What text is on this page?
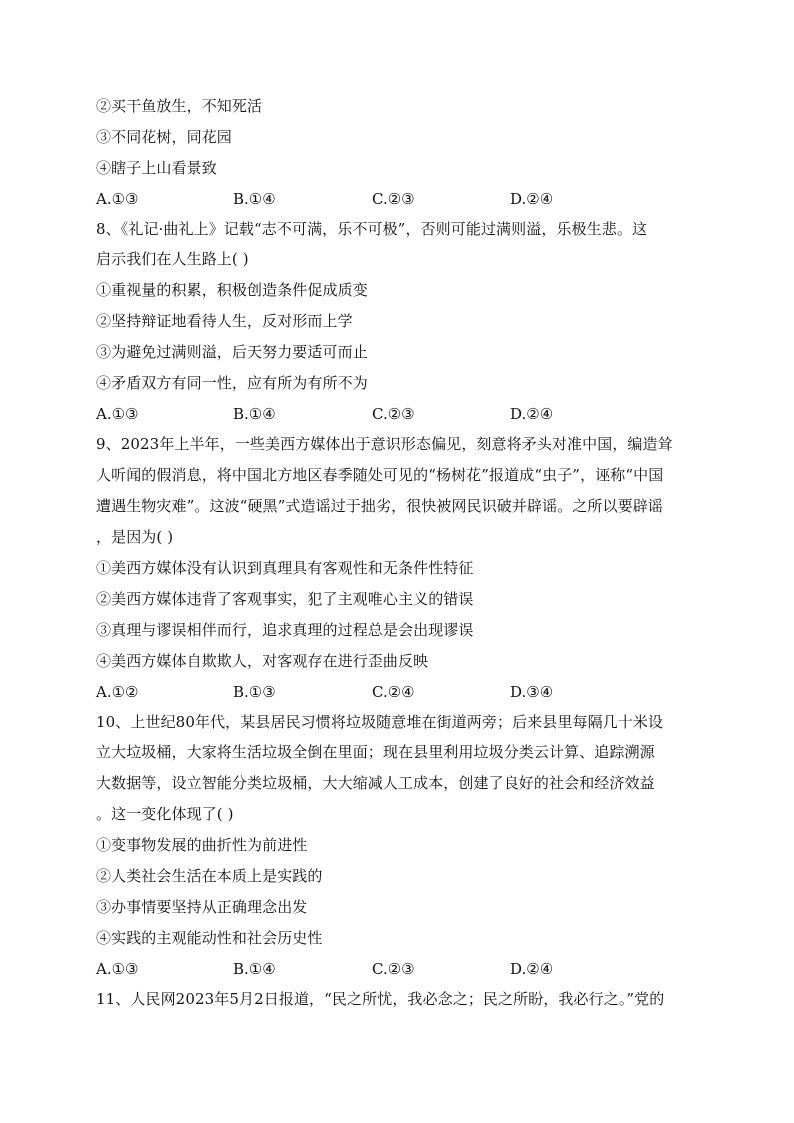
②买干鱼放生，不知死活
③不同花树，同花园
④瞎子上山看景致
A.①③	B.①④	C.②③	D.②④
8、《礼记·曲礼上》记载“志不可满，乐不可极”，否则可能过满则溢，乐极生悲。这
启示我们在人生路上( )
①重视量的积累，积极创造条件促成质变
②坚持辩证地看待人生，反对形而上学
③为避免过满则溢，后天努力要适可而止
④矛盾双方有同一性，应有所为有所不为
A.①③	B.①④	C.②③	D.②④
9、2023年上半年，一些美西方媒体出于意识形态偏见，刻意将矛头对准中国，编造耸
人听闻的假消息，将中国北方地区春季随处可见的“杨树花”报道成“虫子”，诬称“中国
遭遇生物灾难”。这波“硬黑”式造谣过于拙劣，很快被网民识破并辟谣。之所以要辟谣
，是因为( )
①美西方媒体没有认识到真理具有客观性和无条件性特征
②美西方媒体违背了客观事实，犯了主观唯心主义的错误
③真理与谬误相伴而行，追求真理的过程总是会出现谬误
④美西方媒体自欺欺人，对客观存在进行歪曲反映
A.①②	B.①③	C.②④	D.③④
10、上世纪80年代，某县居民习惯将垃圾随意堆在街道两旁；后来县里每隔几十米设
立大垃圾桶，大家将生活垃圾全倒在里面；现在县里利用垃圾分类云计算、追踪溯源
大数据等，设立智能分类垃圾桶，大大缩减人工成本，创建了良好的社会和经济效益
。这一变化体现了( )
①变事物发展的曲折性为前进性
②人类社会生活在本质上是实践的
③办事情要坚持从正确理念出发
④实践的主观能动性和社会历史性
A.①③	B.①④	C.②③	D.②④
11、人民网2023年5月2日报道，“民之所忧，我必念之；民之所盼，我必行之。”党的
